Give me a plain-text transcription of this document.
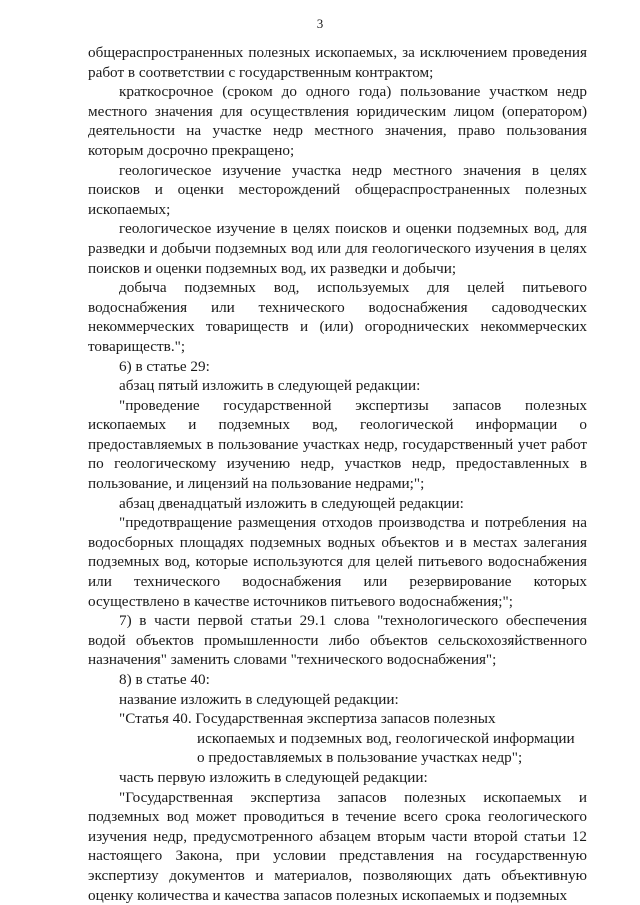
3

общераспространенных полезных ископаемых, за исключением проведения работ в соответствии с государственным контрактом;

краткосрочное (сроком до одного года) пользование участком недр местного значения для осуществления юридическим лицом (оператором) деятельности на участке недр местного значения, право пользования которым досрочно прекращено;

геологическое изучение участка недр местного значения в целях поисков и оценки месторождений общераспространенных полезных ископаемых;

геологическое изучение в целях поисков и оценки подземных вод, для разведки и добычи подземных вод или для геологического изучения в целях поисков и оценки подземных вод, их разведки и добычи;

добыча подземных вод, используемых для целей питьевого водоснабжения или технического водоснабжения садоводческих некоммерческих товариществ и (или) огороднических некоммерческих товариществ.";

6) в статье 29:

абзац пятый изложить в следующей редакции:

"проведение государственной экспертизы запасов полезных ископаемых и подземных вод, геологической информации о предоставляемых в пользование участках недр, государственный учет работ по геологическому изучению недр, участков недр, предоставленных в пользование, и лицензий на пользование недрами;";

абзац двенадцатый изложить в следующей редакции:

"предотвращение размещения отходов производства и потребления на водосборных площадях подземных водных объектов и в местах залегания подземных вод, которые используются для целей питьевого водоснабжения или технического водоснабжения или резервирование которых осуществлено в качестве источников питьевого водоснабжения;";

7) в части первой статьи 29.1 слова "технологического обеспечения водой объектов промышленности либо объектов сельскохозяйственного назначения" заменить словами "технического водоснабжения";

8) в статье 40:

название изложить в следующей редакции:

"Статья 40. Государственная экспертиза запасов полезных
ископаемых и подземных вод, геологической информации
о предоставляемых в пользование участках недр";

часть первую изложить в следующей редакции:

"Государственная экспертиза запасов полезных ископаемых и подземных вод может проводиться в течение всего срока геологического изучения недр, предусмотренного абзацем вторым части второй статьи 12 настоящего Закона, при условии представления на государственную экспертизу документов и материалов, позволяющих дать объективную оценку количества и качества запасов полезных ископаемых и подземных
